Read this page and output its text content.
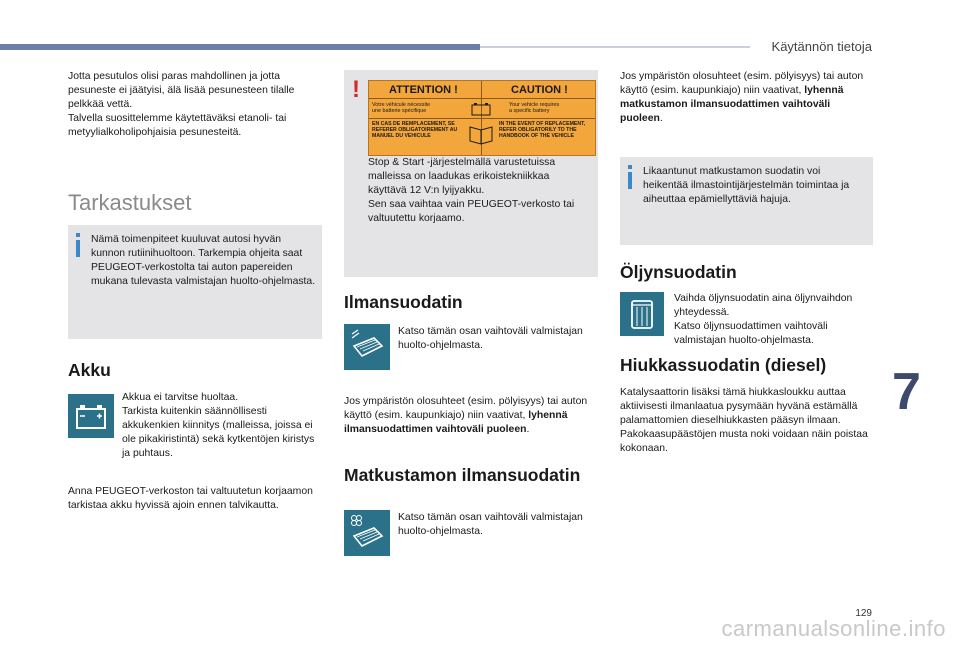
Käytännön tietoja
7
129
carmanualsonline.info

Jotta pesutulos olisi paras mahdollinen ja jotta pesuneste ei jäätyisi, älä lisää pesunesteen tilalle pelkkää vettä.
Talvella suosittelemme käytettäväksi etanoli- tai metyylialkoholipohjaisia pesunesteitä.

Tarkastukset

Nämä toimenpiteet kuuluvat autosi hyvän kunnon rutiinihuoltoon. Tarkempia ohjeita saat PEUGEOT-verkostolta tai auton papereiden mukana tulevasta valmistajan huolto-ohjelmasta.

Akku

Akkua ei tarvitse huoltaa.
Tarkista kuitenkin säännöllisesti akkukenkien kiinnitys (malleissa, joissa ei ole pikakiristintä) sekä kytkentöjen kiristys ja puhtaus.

Anna PEUGEOT-verkoston tai valtuutetun korjaamon tarkistaa akku hyvissä ajoin ennen talvikautta.

!	ATTENTION !	CAUTION !
Votre véhicule nécessite
une batterie spécifique
Your vehicle requires
a specific battery
EN CAS DE REMPLACEMENT, SE REFERER OBLIGATOIREMENT AU MANUEL DU VEHICULE
IN THE EVENT OF REPLACEMENT, REFER OBLIGATORILY TO THE HANDBOOK OF THE VEHICLE

Stop & Start -järjestelmällä varustetuissa malleissa on laadukas erikoistekniikkaa käyttävä 12 V:n lyijyakku.
Sen saa vaihtaa vain PEUGEOT-verkosto tai valtuutettu korjaamo.

Ilmansuodatin

Katso tämän osan vaihtoväli valmistajan huolto-ohjelmasta.

Jos ympäristön olosuhteet (esim. pölyisyys) tai auton käyttö (esim. kaupunkiajo) niin vaativat, lyhennä ilmansuodattimen vaihtoväli puoleen.

Matkustamon ilmansuodatin

Katso tämän osan vaihtoväli valmistajan huolto-ohjelmasta.

Jos ympäristön olosuhteet (esim. pölyisyys) tai auton käyttö (esim. kaupunkiajo) niin vaativat, lyhennä matkustamon ilmansuodattimen vaihtoväli puoleen.

Likaantunut matkustamon suodatin voi heikentää ilmastointijärjestelmän toimintaa ja aiheuttaa epämiellyttäviä hajuja.

Öljynsuodatin

Vaihda öljynsuodatin aina öljynvaihdon yhteydessä.
Katso öljynsuodattimen vaihtoväli valmistajan huolto-ohjelmasta.

Hiukkassuodatin (diesel)

Katalysaattorin lisäksi tämä hiukkasloukku auttaa aktiivisesti ilmanlaatua pysymään hyvänä estämällä palamattomien dieselhiukkasten pääsyn ilmaan. Pakokaasupäästöjen musta noki voidaan näin poistaa kokonaan.
